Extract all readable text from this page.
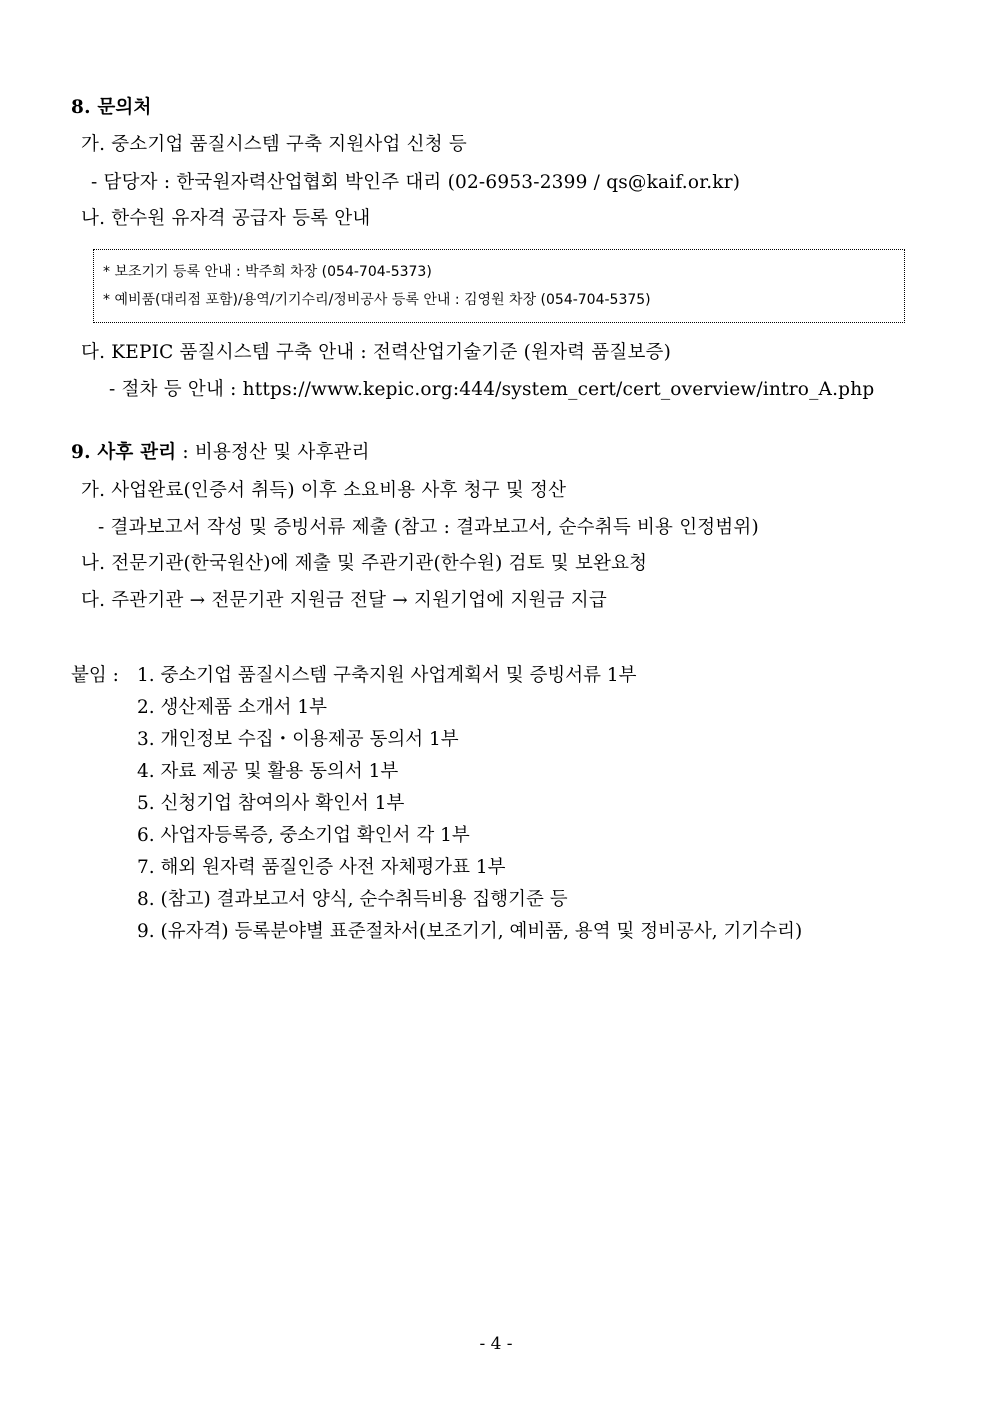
8. 문의처
가. 중소기업 품질시스템 구축 지원사업 신청 등
- 담당자 : 한국원자력산업협회 박인주 대리 (02-6953-2399 / qs@kaif.or.kr)
나. 한수원 유자격 공급자 등록 안내
* 보조기기 등록 안내 : 박주희 차장 (054-704-5373)
* 예비품(대리점 포함)/용역/기기수리/정비공사 등록 안내 : 김영원 차장 (054-704-5375)
다. KEPIC 품질시스템 구축 안내 : 전력산업기술기준 (원자력 품질보증)
- 절차 등 안내 : https://www.kepic.org:444/system_cert/cert_overview/intro_A.php
9. 사후 관리 : 비용정산 및 사후관리
가. 사업완료(인증서 취득) 이후 소요비용 사후 청구 및 정산
- 결과보고서 작성 및 증빙서류 제출 (참고 : 결과보고서, 순수취득 비용 인정범위)
나. 전문기관(한국원산)에 제출 및 주관기관(한수원) 검토 및 보완요청
다. 주관기관 → 전문기관 지원금 전달 → 지원기업에 지원금 지급
붙임 : 1. 중소기업 품질시스템 구축지원 사업계획서 및 증빙서류 1부
2. 생산제품 소개서 1부
3. 개인정보 수집・이용제공 동의서 1부
4. 자료 제공 및 활용 동의서 1부
5. 신청기업 참여의사 확인서 1부
6. 사업자등록증, 중소기업 확인서 각 1부
7. 해외 원자력 품질인증 사전 자체평가표 1부
8. (참고) 결과보고서 양식, 순수취득비용 집행기준 등
9. (유자격) 등록분야별 표준절차서(보조기기, 예비품, 용역 및 정비공사, 기기수리)
- 4 -
